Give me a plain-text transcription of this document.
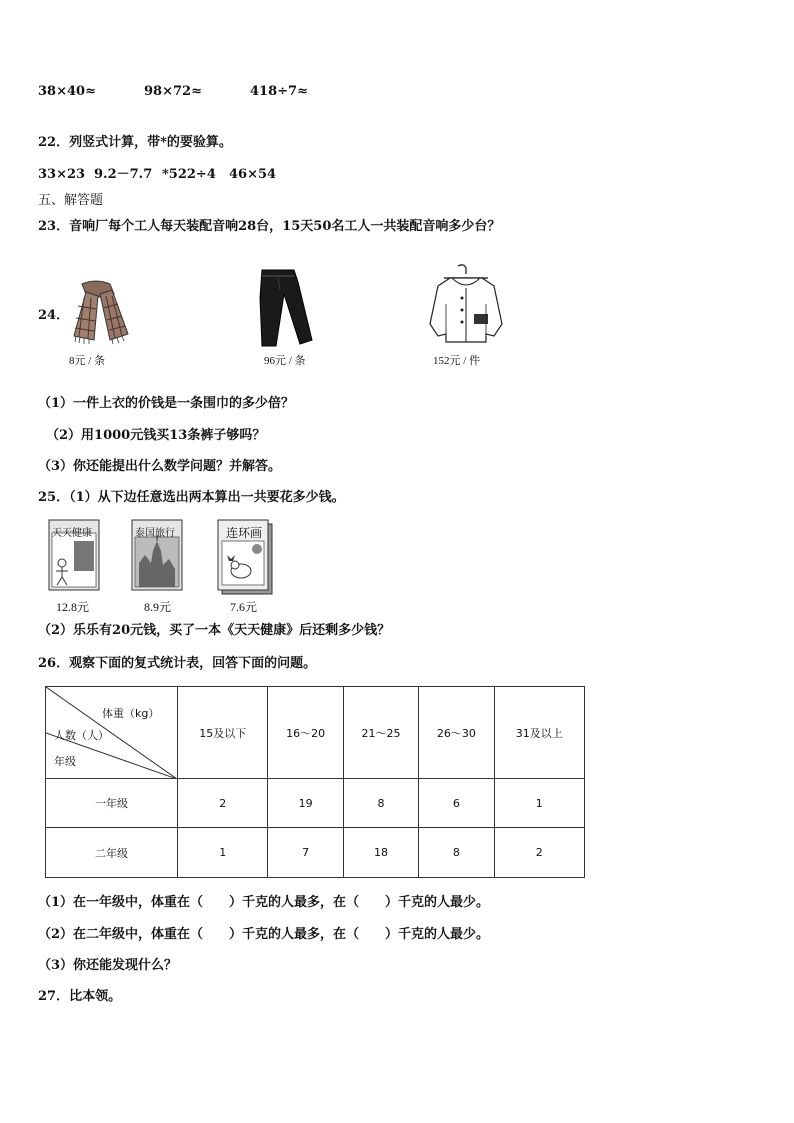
38×40≈	98×72≈	418÷7≈
22．列竖式计算，带*的要验算。
33×23 9.2－7.7 *522÷4 46×54
五、解答题
23．音响厂每个工人每天装配音响28台，15天50名工人一共装配音响多少台？
24．
8元 / 条	96元 / 条	152元 / 件
（1）一件上衣的价钱是一条围巾的多少倍？
（2）用1000元钱买13条裤子够吗？
（3）你还能提出什么数学问题？并解答。
25．（1）从下边任意选出两本算出一共要花多少钱。
天天健康
12.8元
泰国旅行
8.9元
连环画
7.6元
（2）乐乐有20元钱，买了一本《天天健康》后还剩多少钱？
26．观察下面的复式统计表，回答下面的问题。
体重（kg）
人数（人）
年级	15及以下	16～20	21～25	26～30	31及以上
一年级	2	19	8	6	1
二年级	1	7	18	8	2
（1）在一年级中，体重在（　　）千克的人最多，在（　　）千克的人最少。
（2）在二年级中，体重在（　　）千克的人最多，在（　　）千克的人最少。
（3）你还能发现什么？
27．比本领。
